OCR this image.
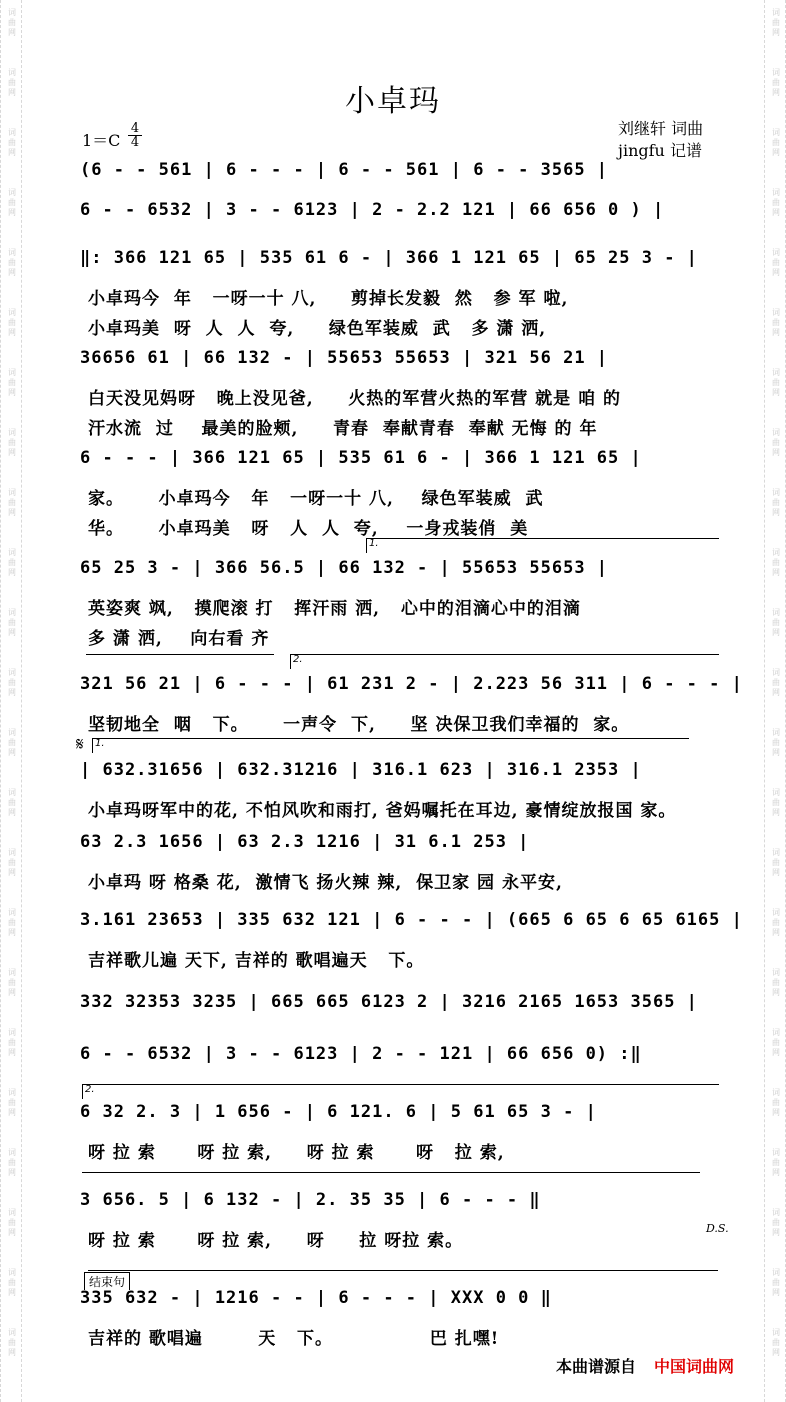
词
曲
网
词
曲
网
词
曲
网
词
曲
网
词
曲
网
词
曲
网
词
曲
网
词
曲
网
词
曲
网
词
曲
网
词
曲
网
词
曲
网
词
曲
网
词
曲
网
词
曲
网
词
曲
网
词
曲
网
词
曲
网
词
曲
网
词
曲
网
词
曲
网
词
曲
网
词
曲
网
词
曲
网
词
曲
网
词
曲
网
词
曲
网
词
曲
网
词
曲
网
词
曲
网
词
曲
网
词
曲
网
词
曲
网
词
曲
网
词
曲
网
词
曲
网
词
曲
网
词
曲
网
词
曲
网
词
曲
网
词
曲
网
词
曲
网
词
曲
网
词
曲
网
词
曲
网
词
曲
网
小卓玛
刘继轩 词曲
jingfu 记谱
1＝C
4
4
1.
2.
1.
2.
𝄋
D.S.
结束句
(6 - - 561 | 6 - - - | 6 - - 561 | 6 - - 3565 |
6 - - 6532 | 3 - - 6123 | 2 - 2.2 121 | 66 656 0 ) |
‖: 366 121 65 | 535 61 6 - | 366 1 121 65 | 65 25 3 - |
小卓玛今  年   一呀一十 八,     剪掉长发毅  然   参 军 啦,
小卓玛美  呀  人  人  夸,     绿色军装威  武   多 潇 洒,
36656 61 | 66 132 - | 55653 55653 | 321 56 21 |
白天没见妈呀   晚上没见爸,     火热的军营火热的军营 就是 咱 的
汗水流  过    最美的脸颊,     青春  奉献青春  奉献 无悔 的 年
6 - - - | 366 121 65 | 535 61 6 - | 366 1 121 65 |
家。     小卓玛今   年   一呀一十 八,    绿色军装威  武
华。     小卓玛美   呀   人  人  夸,    一身戎装俏  美
65 25 3 - | 366 56.5 | 66 132 - | 55653 55653 |
英姿爽 飒,   摸爬滚 打   挥汗雨 洒,   心中的泪滴心中的泪滴
多 潇 洒,    向右看 齐
321 56 21 | 6 - - - | 61 231 2 - | 2.223 56 311 | 6 - - - |
坚韧地全  咽   下。     一声令  下,     坚 决保卫我们幸福的  家。
| 632.31656 | 632.31216 | 316.1 623 | 316.1 2353 |
小卓玛呀军中的花, 不怕风吹和雨打, 爸妈嘱托在耳边, 豪情绽放报国 家。
63 2.3 1656 | 63 2.3 1216 | 31 6.1 253 |
小卓玛 呀 格桑 花,  激情飞 扬火辣 辣,  保卫家 园 永平安,
3.161 23653 | 335 632 121 | 6 - - - | (665 6 65 6 65 6165 |
吉祥歌儿遍 天下, 吉祥的 歌唱遍天   下。
332 32353 3235 | 665 665 6123 2 | 3216 2165 1653 3565 |
6 - - 6532 | 3 - - 6123 | 2 - - 121 | 66 656 0) :‖
6 32 2. 3 | 1 656 - | 6 121. 6 | 5 61 65 3 - |
呀 拉 索      呀 拉 索,     呀 拉 索      呀   拉 索,
3 656. 5 | 6 132 - | 2. 35 35 | 6 - - - ‖
呀 拉 索      呀 拉 索,     呀     拉 呀拉 索。
335 632 - | 1216 - - | 6 - - - | XXX 0 0 ‖
吉祥的 歌唱遍        天   下。              巴 扎嘿!
本曲谱源自 中国词曲网
